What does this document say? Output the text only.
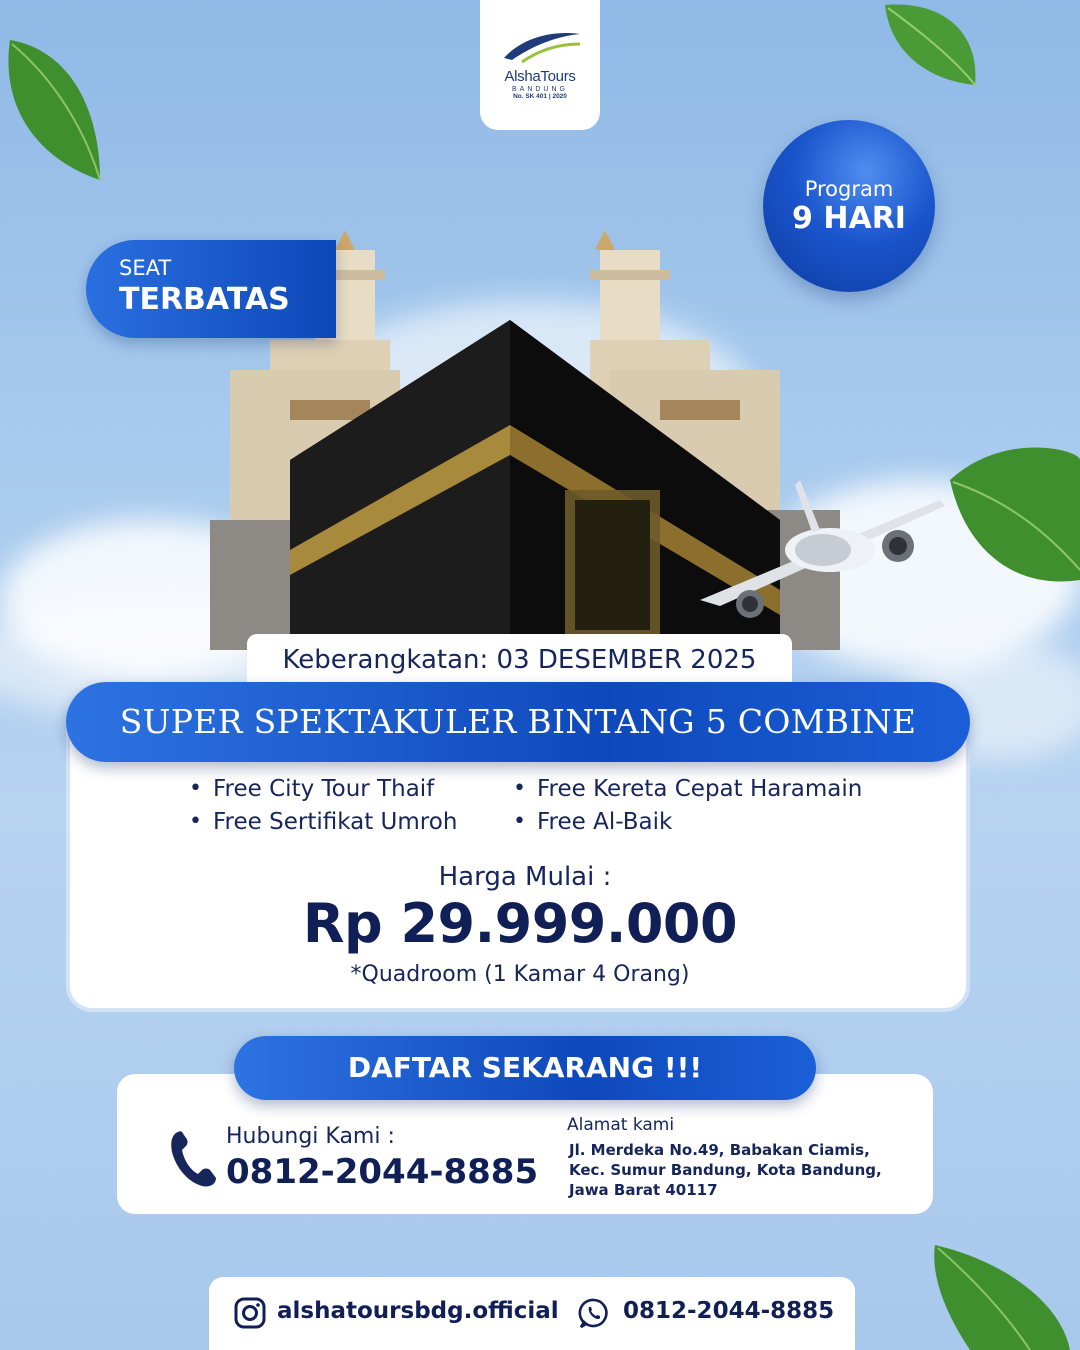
AlshaTours
BANDUNG
No. SK 401 | 2020
Program
9 HARI
SEAT
TERBATAS
Keberangkatan: 03 DESEMBER 2025
SUPER SPEKTAKULER BINTANG 5 COMBINE
• Free City Tour Thaif
• Free Sertifikat Umroh
• Free Kereta Cepat Haramain
• Free Al-Baik
Harga Mulai :
Rp 29.999.000
*Quadroom (1 Kamar 4 Orang)
DAFTAR SEKARANG !!!
Hubungi Kami :
0812-2044-8885
Alamat kami
Jl. Merdeka No.49, Babakan Ciamis, Kec. Sumur Bandung, Kota Bandung, Jawa Barat 40117
alshatoursbdg.official	0812-2044-8885
